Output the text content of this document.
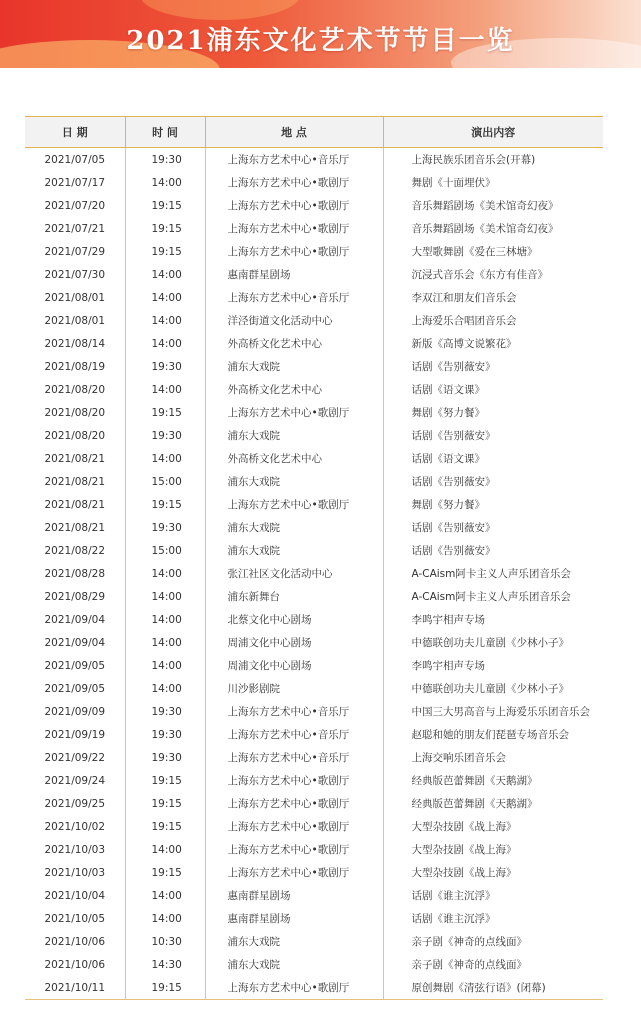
2021浦东文化艺术节节目一览
日 期	时 间	地 点	演出内容
2021/07/05	19:30	上海东方艺术中心•音乐厅	上海民族乐团音乐会(开幕)
2021/07/17	14:00	上海东方艺术中心•歌剧厅	舞剧《十面埋伏》
2021/07/20	19:15	上海东方艺术中心•歌剧厅	音乐舞蹈剧场《美术馆奇幻夜》
2021/07/21	19:15	上海东方艺术中心•歌剧厅	音乐舞蹈剧场《美术馆奇幻夜》
2021/07/29	19:15	上海东方艺术中心•歌剧厅	大型歌舞剧《爱在三林塘》
2021/07/30	14:00	惠南群星剧场	沉浸式音乐会《东方有佳音》
2021/08/01	14:00	上海东方艺术中心•音乐厅	李双江和朋友们音乐会
2021/08/01	14:00	洋泾街道文化活动中心	上海爱乐合唱团音乐会
2021/08/14	14:00	外高桥文化艺术中心	新版《高博文说繁花》
2021/08/19	19:30	浦东大戏院	话剧《告别薇安》
2021/08/20	14:00	外高桥文化艺术中心	话剧《语文课》
2021/08/20	19:15	上海东方艺术中心•歌剧厅	舞剧《努力餐》
2021/08/20	19:30	浦东大戏院	话剧《告别薇安》
2021/08/21	14:00	外高桥文化艺术中心	话剧《语文课》
2021/08/21	15:00	浦东大戏院	话剧《告别薇安》
2021/08/21	19:15	上海东方艺术中心•歌剧厅	舞剧《努力餐》
2021/08/21	19:30	浦东大戏院	话剧《告别薇安》
2021/08/22	15:00	浦东大戏院	话剧《告别薇安》
2021/08/28	14:00	张江社区文化活动中心	A-CAism阿卡主义人声乐团音乐会
2021/08/29	14:00	浦东新舞台	A-CAism阿卡主义人声乐团音乐会
2021/09/04	14:00	北蔡文化中心剧场	李鸣宇相声专场
2021/09/04	14:00	周浦文化中心剧场	中德联创功夫儿童剧《少林小子》
2021/09/05	14:00	周浦文化中心剧场	李鸣宇相声专场
2021/09/05	14:00	川沙影剧院	中德联创功夫儿童剧《少林小子》
2021/09/09	19:30	上海东方艺术中心•音乐厅	中国三大男高音与上海爱乐乐团音乐会
2021/09/19	19:30	上海东方艺术中心•音乐厅	赵聪和她的朋友们琵琶专场音乐会
2021/09/22	19:30	上海东方艺术中心•音乐厅	上海交响乐团音乐会
2021/09/24	19:15	上海东方艺术中心•歌剧厅	经典版芭蕾舞剧《天鹅湖》
2021/09/25	19:15	上海东方艺术中心•歌剧厅	经典版芭蕾舞剧《天鹅湖》
2021/10/02	19:15	上海东方艺术中心•歌剧厅	大型杂技剧《战上海》
2021/10/03	14:00	上海东方艺术中心•歌剧厅	大型杂技剧《战上海》
2021/10/03	19:15	上海东方艺术中心•歌剧厅	大型杂技剧《战上海》
2021/10/04	14:00	惠南群星剧场	话剧《谁主沉浮》
2021/10/05	14:00	惠南群星剧场	话剧《谁主沉浮》
2021/10/06	10:30	浦东大戏院	亲子剧《神奇的点线面》
2021/10/06	14:30	浦东大戏院	亲子剧《神奇的点线面》
2021/10/11	19:15	上海东方艺术中心•歌剧厅	原创舞剧《清弦行语》(闭幕)
